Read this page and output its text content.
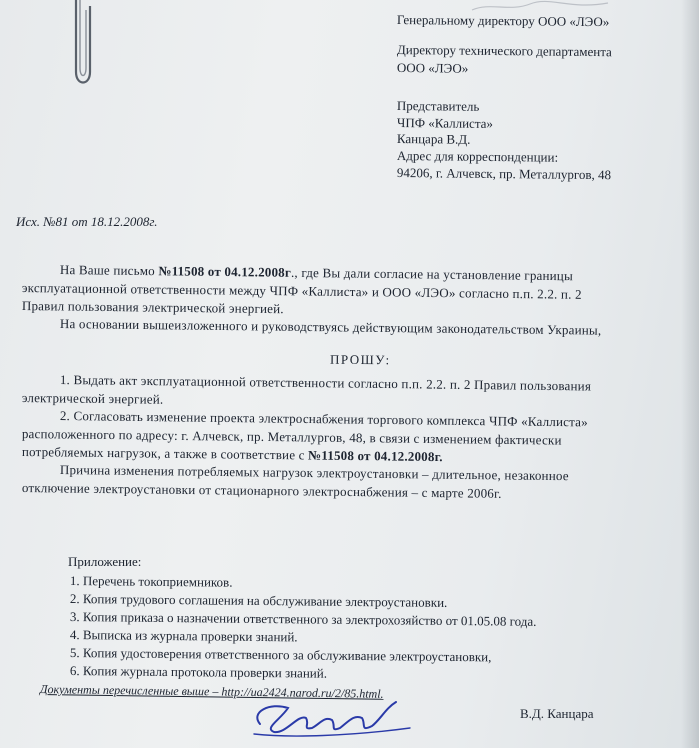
Генеральному директору ООО «ЛЭО»
Директору технического департамента
ООО «ЛЭО»
Представитель
ЧПФ «Каллиста»
Канцара В.Д.
Адрес для корреспонденции:
94206, г. Алчевск, пр. Металлургов, 48
Исх. №81 от 18.12.2008г.
На Ваше письмо №11508 от 04.12.2008г., где Вы дали согласие на установление границы
эксплуатационной ответственности между ЧПФ «Каллиста» и ООО «ЛЭО» согласно п.п. 2.2. п. 2
Правил пользования электрической энергией.
На основании вышеизложенного и руководствуясь действующим законодательством Украины,
ПРОШУ:
1. Выдать акт эксплуатационной ответственности согласно п.п. 2.2. п. 2 Правил пользования
электрической энергией.
2. Согласовать изменение проекта электроснабжения торгового комплекса ЧПФ «Каллиста»
расположенного по адресу: г. Алчевск, пр. Металлургов, 48, в связи с изменением фактически
потребляемых нагрузок, а также в соответствие с №11508 от 04.12.2008г.
Причина изменения потребляемых нагрузок электроустановки – длительное, незаконное
отключение электроустановки от стационарного электроснабжения – с марте 2006г.
Приложение:
1. Перечень токоприемников.
2. Копия трудового соглашения на обслуживание электроустановки.
3. Копия приказа о назначении ответственного за электрохозяйство от 01.05.08 года.
4. Выписка из журнала проверки знаний.
5. Копия удостоверения ответственного за обслуживание электроустановки,
6. Копия журнала протокола проверки знаний.
Документы перечисленные выше – http://ua2424.narod.ru/2/85.html.
В.Д. Канцара
